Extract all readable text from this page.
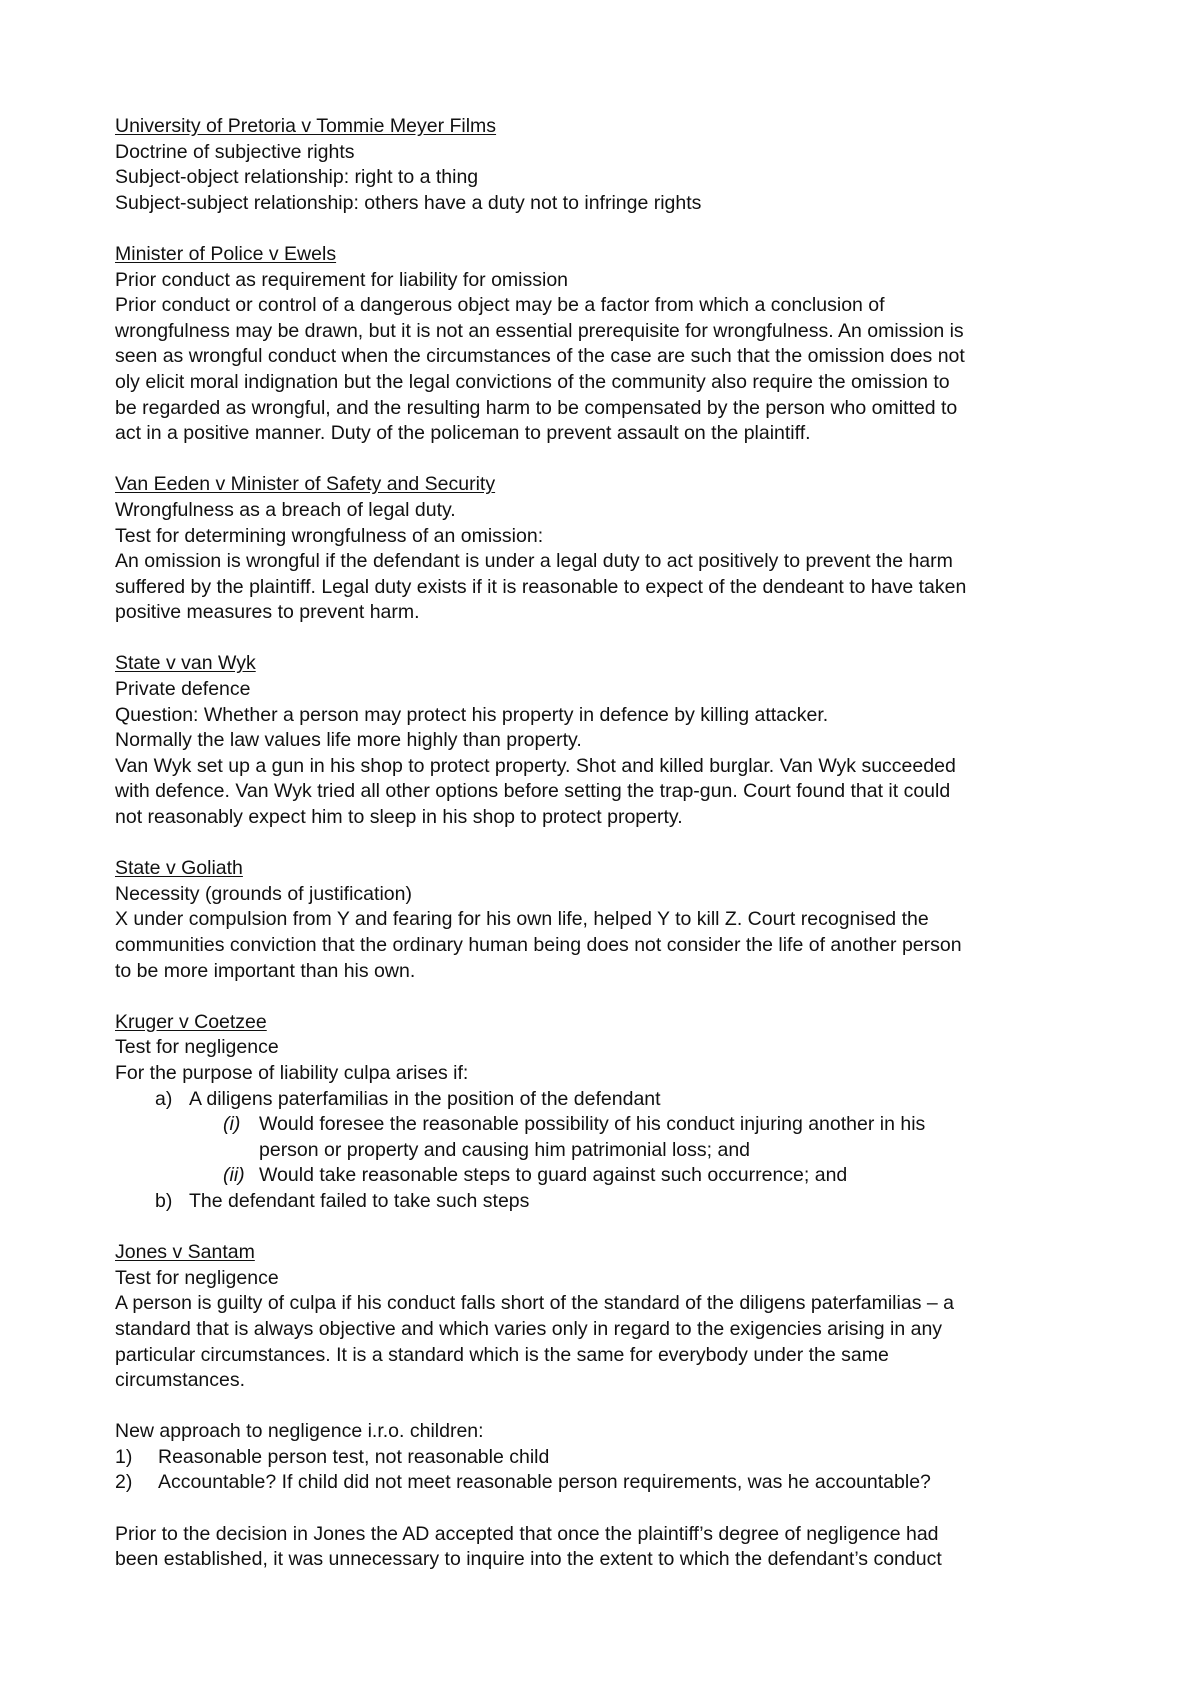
University of Pretoria v Tommie Meyer Films
Doctrine of subjective rights
Subject-object relationship: right to a thing
Subject-subject relationship: others have a duty not to infringe rights
Minister of Police v Ewels
Prior conduct as requirement for liability for omission
Prior conduct or control of a dangerous object may be a factor from which a conclusion of
wrongfulness may be drawn, but it is not an essential prerequisite for wrongfulness. An omission is
seen as wrongful conduct when the circumstances of the case are such that the omission does not
oly elicit moral indignation but the legal convictions of the community also require the omission to
be regarded as wrongful, and the resulting harm to be compensated by the person who omitted to
act in a positive manner. Duty of the policeman to prevent assault on the plaintiff.
Van Eeden v Minister of Safety and Security
Wrongfulness as a breach of legal duty.
Test for determining wrongfulness of an omission:
An omission is wrongful if the defendant is under a legal duty to act positively to prevent the harm
suffered by the plaintiff. Legal duty exists if it is reasonable to expect of the dendeant to have taken
positive measures to prevent harm.
State v van Wyk
Private defence
Question: Whether a person may protect his property in defence by killing attacker.
Normally the law values life more highly than property.
Van Wyk set up a gun in his shop to protect property. Shot and killed burglar. Van Wyk succeeded
with defence. Van Wyk tried all other options before setting the trap-gun. Court found that it could
not reasonably expect him to sleep in his shop to protect property.
State v Goliath
Necessity (grounds of justification)
X under compulsion from Y and fearing for his own life, helped Y to kill Z. Court recognised the
communities conviction that the ordinary human being does not consider the life of another person
to be more important than his own.
Kruger v Coetzee
Test for negligence
For the purpose of liability culpa arises if:
a) A diligens paterfamilias in the position of the defendant
(i) Would foresee the reasonable possibility of his conduct injuring another in his
person or property and causing him patrimonial loss; and
(ii) Would take reasonable steps to guard against such occurrence; and
b) The defendant failed to take such steps
Jones v Santam
Test for negligence
A person is guilty of culpa if his conduct falls short of the standard of the diligens paterfamilias – a
standard that is always objective and which varies only in regard to the exigencies arising in any
particular circumstances. It is a standard which is the same for everybody under the same
circumstances.
New approach to negligence i.r.o. children:
1) Reasonable person test, not reasonable child
2) Accountable? If child did not meet reasonable person requirements, was he accountable?
Prior to the decision in Jones the AD accepted that once the plaintiff’s degree of negligence had
been established, it was unnecessary to inquire into the extent to which the defendant’s conduct
